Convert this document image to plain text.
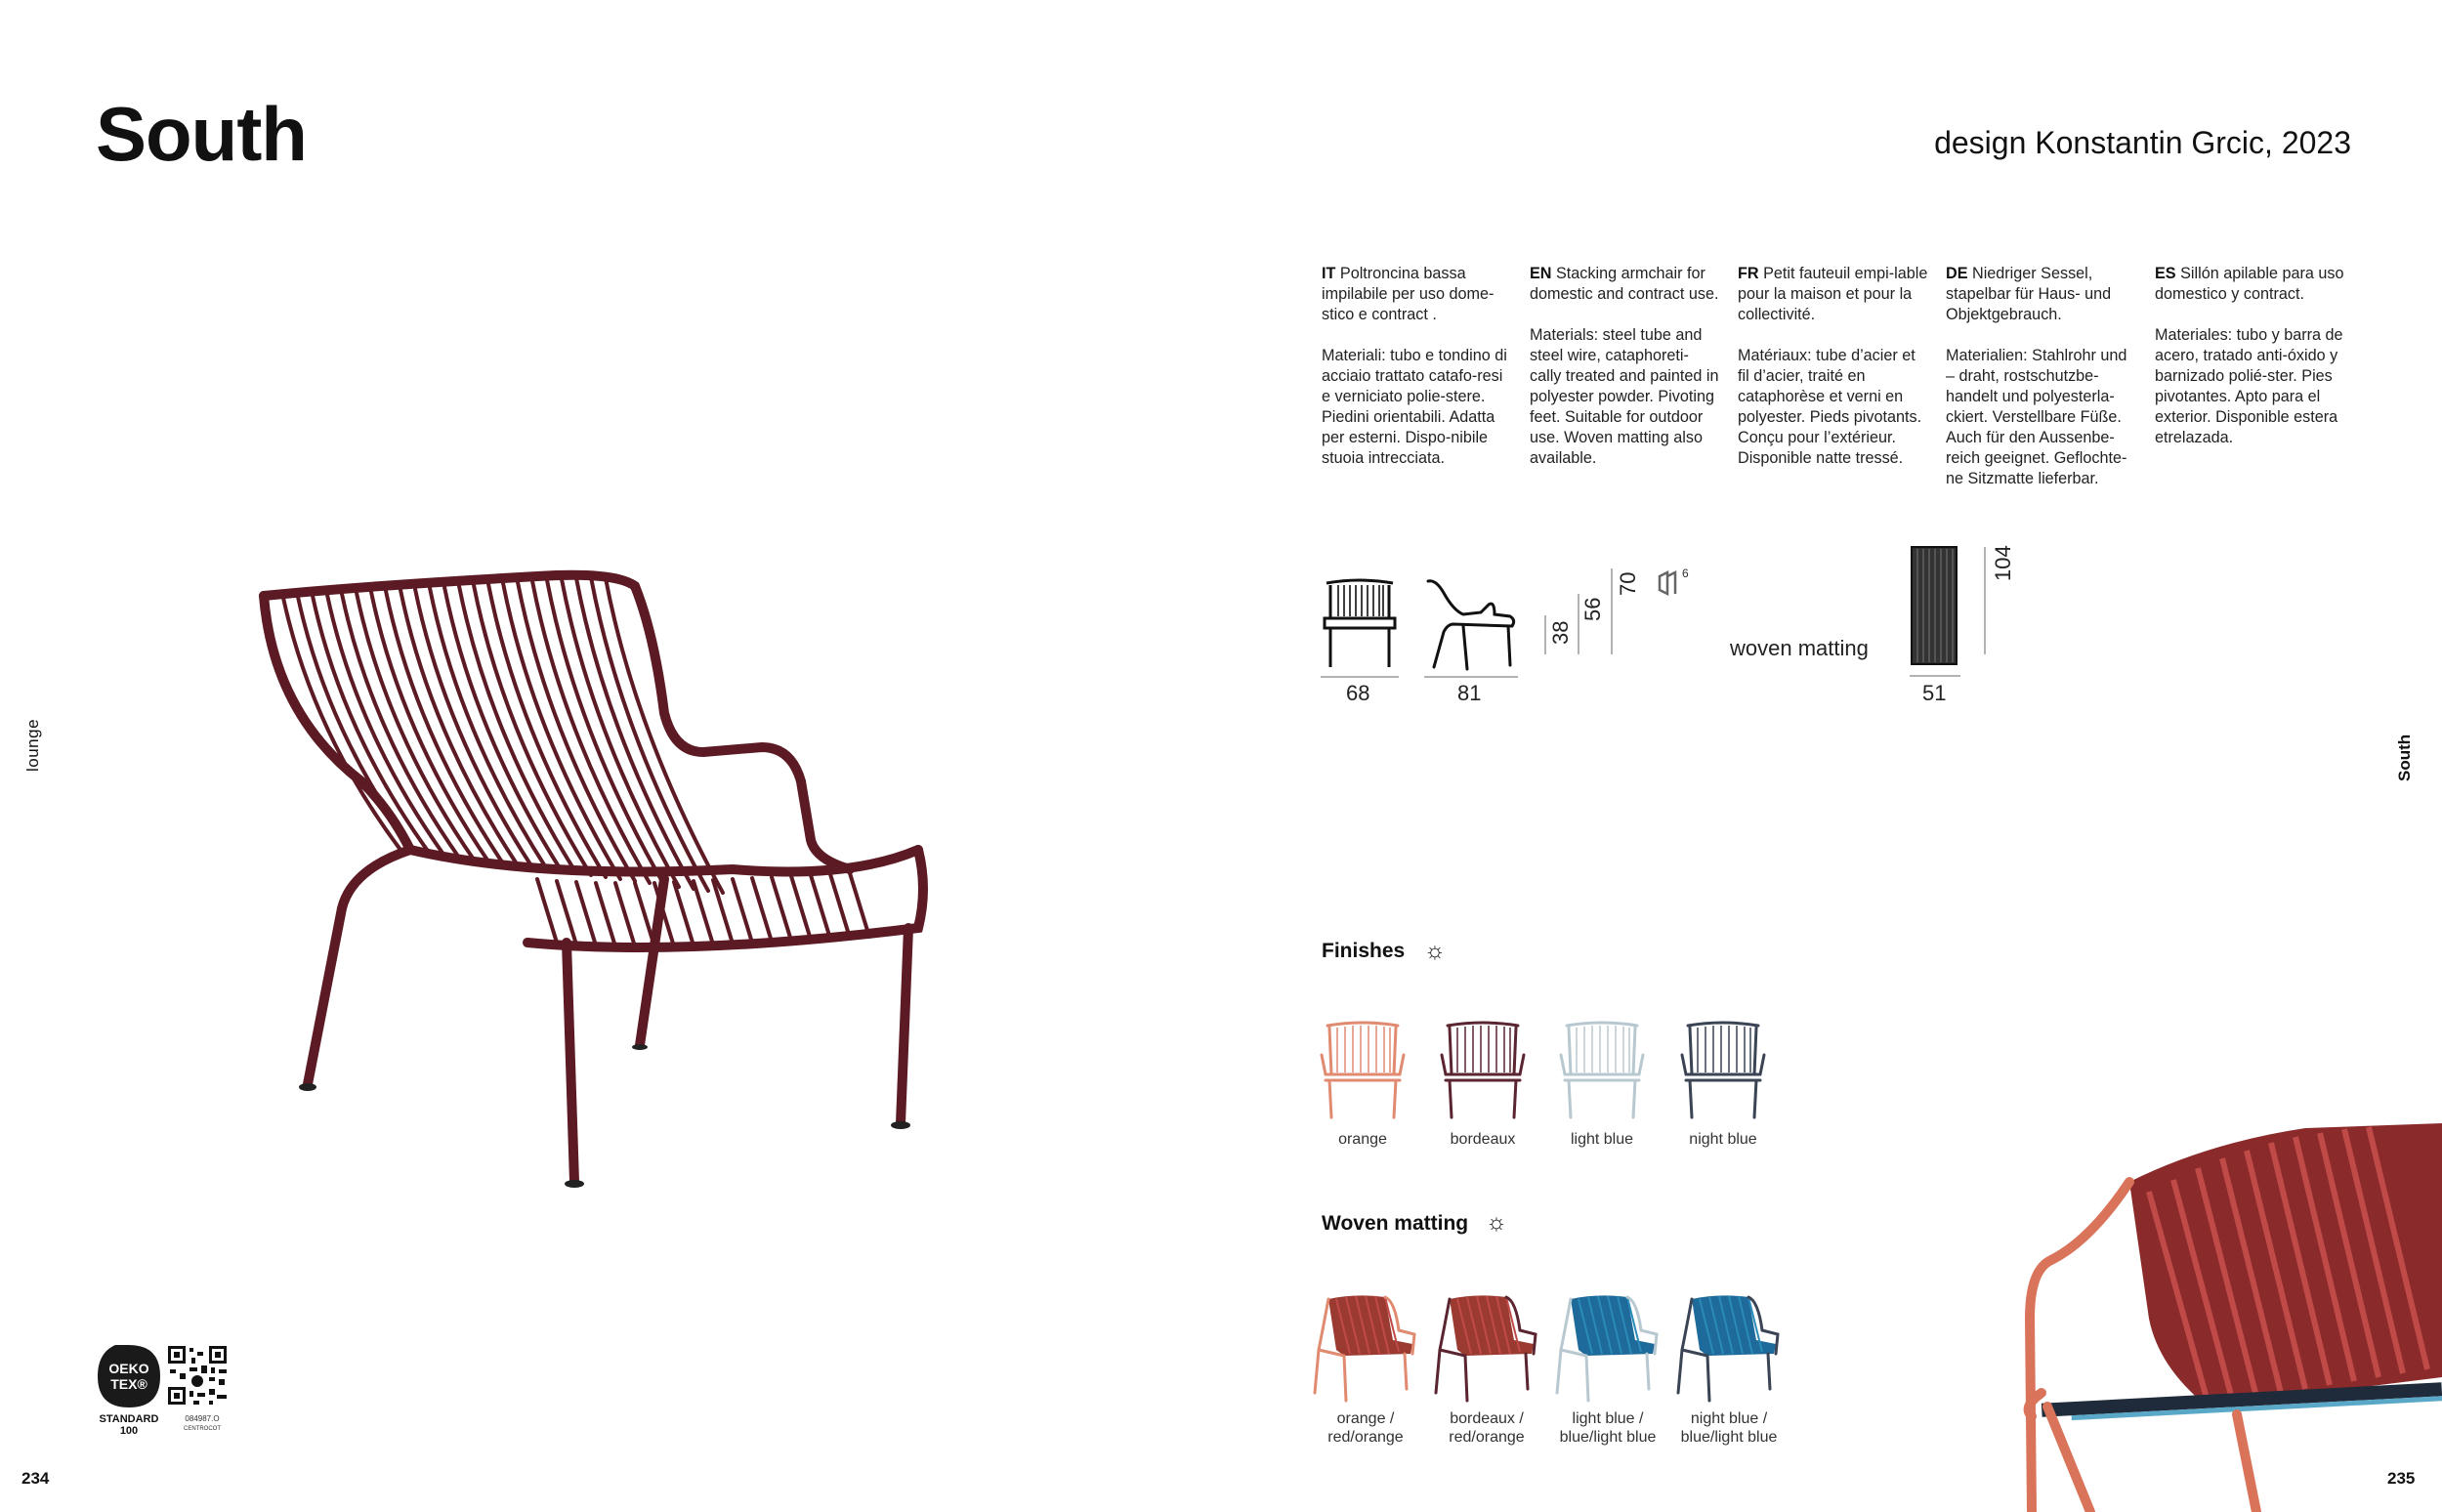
South	design Konstantin Grcic, 2023
lounge	South
234	235

IT Poltroncina bassa impilabile per uso dome-stico e contract .

Materiali: tubo e tondino di acciaio trattato catafo-resi e verniciato polie-stere. Piedini orientabili. Adatta per esterni. Dispo-nibile stuoia intrecciata.

EN Stacking armchair for domestic and contract use.

Materials: steel tube and steel wire, cataphoreti-cally treated and painted in polyester powder. Pivoting feet. Suitable for outdoor use. Woven matting also available.

FR Petit fauteuil empi-lable pour la maison et pour la collectivité.

Matériaux: tube d’acier et fil d’acier, traité en cataphorèse et verni en polyester. Pieds pivotants. Conçu pour l’extérieur. Disponible natte tressé.

DE Niedriger Sessel, stapelbar für Haus- und Objektgebrauch.

Materialien: Stahlrohr und – draht, rostschutzbe-handelt und polyesterla-ckiert. Verstellbare Füße. Auch für den Aussenbe-reich geeignet. Geflochte-ne Sitzmatte lieferbar.

ES Sillón apilable para uso domestico y contract.

Materiales: tubo y barra de acero, tratado anti-óxido y barnizado polié-ster. Pies pivotantes. Apto para el exterior. Disponible estera etrelazada.

68	81
38
56
70	6
woven matting
51
104
Finishes ☼
orange	bordeaux	light blue	night blue
Woven matting ☼
orange /
red/orange
bordeaux /
red/orange
light blue /
blue/light blue
night blue /
blue/light blue
OEKO
TEX®
STANDARD
100
084987.O
CENTROCOT
